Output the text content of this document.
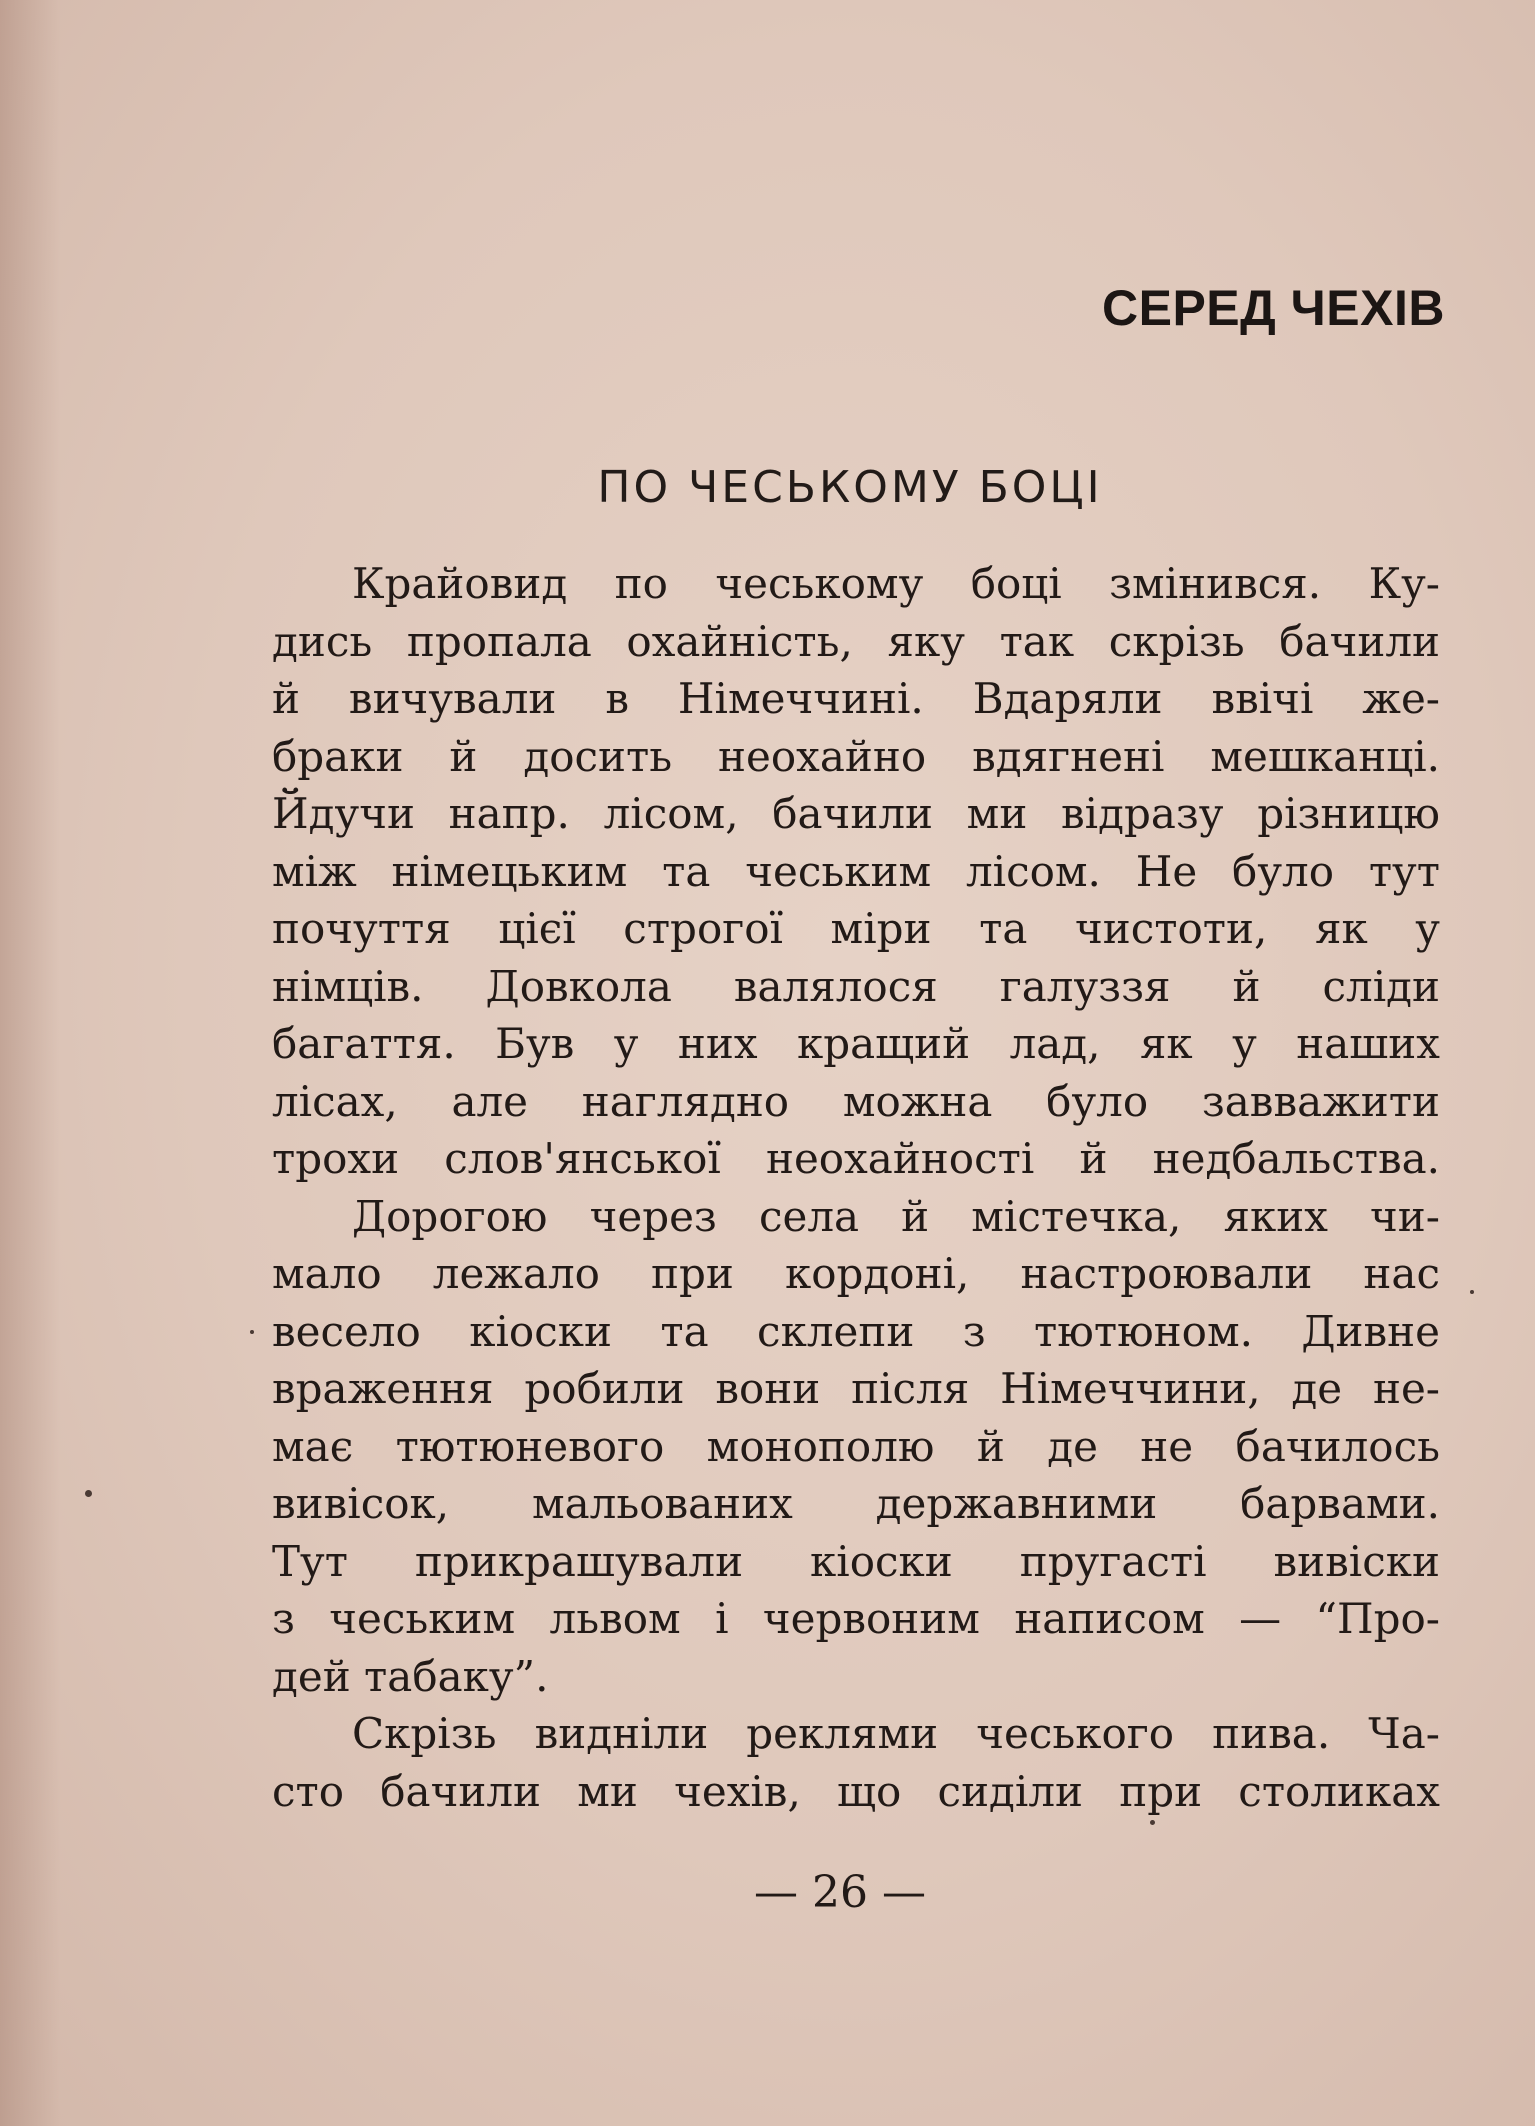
СЕРЕД ЧЕХІВ
ПО ЧЕСЬКОМУ БОЦІ
Крайовид по чеському боці змінився. Ку-
дись пропала охайність, яку так скрізь бачили
й вичували в Німеччині. Вдаряли ввічі же-
браки й досить неохайно вдягнені мешканці.
Йдучи напр. лісом, бачили ми відразу різницю
між німецьким та чеським лісом. Не було тут
почуття цієї строгої міри та чистоти, як у
німців. Довкола валялося галуззя й сліди
багаття. Був у них кращий лад, як у наших
лісах, але наглядно можна було завважити
трохи слов'янської неохайності й недбальства.
Дорогою через села й містечка, яких чи-
мало лежало при кордоні, настроювали нас
весело кіоски та склепи з тютюном. Дивне
враження робили вони після Німеччини, де не-
має тютюневого монополю й де не бачилось
вивісок, мальованих державними барвами.
Тут прикрашували кіоски пругасті вивіски
з чеським львом і червоним написом — “Про-
дей табаку”.
Скрізь видніли реклями чеського пива. Ча-
сто бачили ми чехів, що сиділи при столиках
— 26 —
